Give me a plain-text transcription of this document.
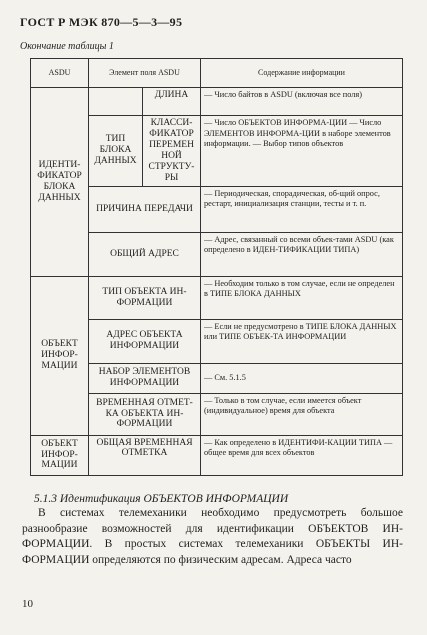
ГОСТ Р МЭК 870—5—3—95
Окончание таблицы 1
ASDU	Элемент поля ASDU		Содержание информации
ИДЕНТИ-ФИКАТОР БЛОКА ДАННЫХ		ДЛИНА	— Число байтов в ASDU (включая все поля)
	ТИП БЛОКА ДАННЫХ	КЛАССИ-ФИКАТОР ПЕРЕМЕН НОЙ СТРУКТУ-РЫ	— Число ОБЪЕКТОВ ИНФОРМА-ЦИИ — Число ЭЛЕМЕНТОВ ИНФОРМА-ЦИИ в наборе элементов информации. — Выбор типов объектов
	ПРИЧИНА ПЕРЕДАЧИ		— Периодическая, спорадическая, об-щий опрос, рестарт, инициализация станции, тесты и т. п.
	ОБЩИЙ АДРЕС		— Адрес, связанный со всеми объек-тами ASDU (как определено в ИДЕН-ТИФИКАЦИИ ТИПА)
ОБЪЕКТ ИНФОР-МАЦИИ	ТИП ОБЪЕКТА ИН-ФОРМАЦИИ		— Необходим только в том случае, если не определен в ТИПЕ БЛОКА ДАННЫХ
	АДРЕС ОБЪЕКТА ИНФОРМАЦИИ		— Если не предусмотрено в ТИПЕ БЛОКА ДАННЫХ или ТИПЕ ОБЪЕК-ТА ИНФОРМАЦИИ
	НАБОР ЭЛЕМЕНТОВ ИНФОРМАЦИИ		— См. 5.1.5
	ВРЕМЕННАЯ ОТМЕТ-КА ОБЪЕКТА ИН-ФОРМАЦИИ		— Только в том случае, если имеется объект (индивидуальное) время для объекта
ОБЪЕКТ ИНФОР-МАЦИИ	ОБЩАЯ ВРЕМЕННАЯ ОТМЕТКА		— Как определено в ИДЕНТИФИ-КАЦИИ ТИПА — общее время для всех объектов
5.1.3 Идентификация ОБЪЕКТОВ ИНФОРМАЦИИ

В системах телемеханики необходимо предусмотреть большое разнообразие возможностей для идентификации ОБЪЕКТОВ ИН-ФОРМАЦИИ. В простых системах телемеханики ОБЪЕКТЫ ИН-ФОРМАЦИИ определяются по физическим адресам. Адреса часто

10
